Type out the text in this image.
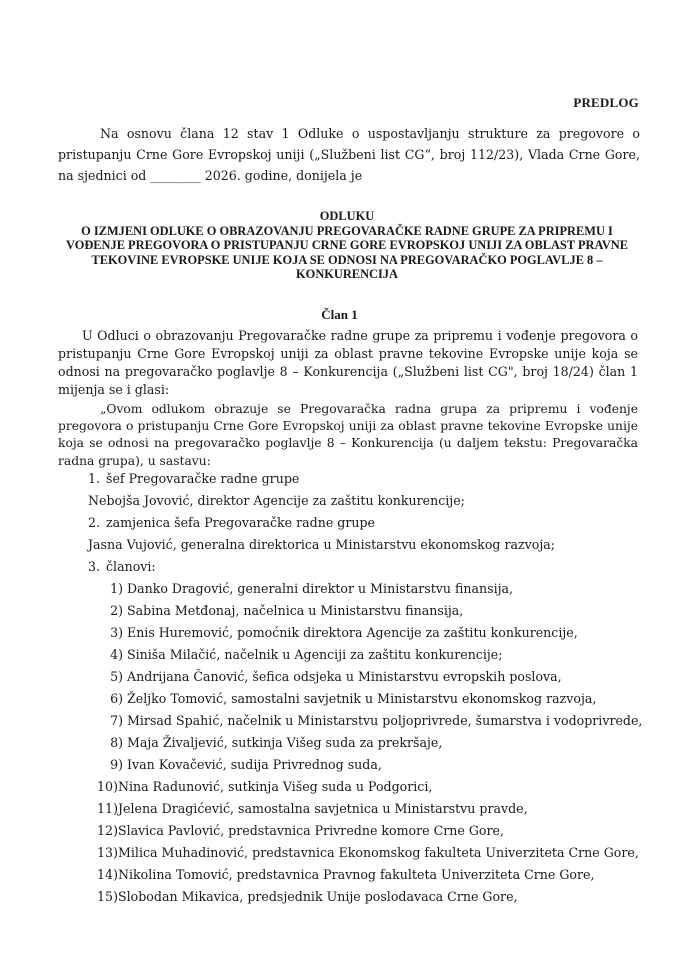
PREDLOG
Na osnovu člana 12 stav 1 Odluke o uspostavljanju strukture za pregovore o pristupanju Crne Gore Evropskoj uniji („Službeni list CG“, broj 112/23), Vlada Crne Gore, na sjednici od ________ 2026. godine, donijela je
ODLUKU
O IZMJENI ODLUKE O OBRAZOVANJU PREGOVARAČKE RADNE GRUPE ZA PRIPREMU I VOĐENJE PREGOVORA O PRISTUPANJU CRNE GORE EVROPSKOJ UNIJI ZA OBLAST PRAVNE TEKOVINE EVROPSKE UNIJE KOJA SE ODNOSI NA PREGOVARAČKO POGLAVLJE 8 – KONKURENCIJA
Član 1
U Odluci o obrazovanju Pregovaračke radne grupe za pripremu i vođenje pregovora o pristupanju Crne Gore Evropskoj uniji za oblast pravne tekovine Evropske unije koja se odnosi na pregovaračko poglavlje 8 – Konkurencija („Službeni list CG", broj 18/24) član 1 mijenja se i glasi:
„Ovom odlukom obrazuje se Pregovaračka radna grupa za pripremu i vođenje pregovora o pristupanju Crne Gore Evropskoj uniji za oblast pravne tekovine Evropske unije koja se odnosi na pregovaračko poglavlje 8 – Konkurencija (u daljem tekstu: Pregovaračka radna grupa), u sastavu:
1. šef Pregovaračke radne grupe
Nebojša Jovović, direktor Agencije za zaštitu konkurencije;
2. zamjenica šefa Pregovaračke radne grupe
Jasna Vujović, generalna direktorica u Ministarstvu ekonomskog razvoja;
3. članovi:
1) Danko Dragović, generalni direktor u Ministarstvu finansija,
2) Sabina Metđonaj, načelnica u Ministarstvu finansija,
3) Enis Huremović, pomoćnik direktora Agencije za zaštitu konkurencije,
4) Siniša Milačić, načelnik u Agenciji za zaštitu konkurencije;
5) Andrijana Čanović, šefica odsjeka u Ministarstvu evropskih poslova,
6) Željko Tomović, samostalni savjetnik u Ministarstvu ekonomskog razvoja,
7) Mirsad Spahić, načelnik u Ministarstvu poljoprivrede, šumarstva i vodoprivrede,
8) Maja Živaljević, sutkinja Višeg suda za prekršaje,
9) Ivan Kovačević, sudija Privrednog suda,
10)Nina Radunović, sutkinja Višeg suda u Podgorici,
11)Jelena Dragićević, samostalna savjetnica u Ministarstvu pravde,
12)Slavica Pavlović, predstavnica Privredne komore Crne Gore,
13)Milica Muhadinović, predstavnica Ekonomskog fakulteta Univerziteta Crne Gore,
14)Nikolina Tomović, predstavnica Pravnog fakulteta Univerziteta Crne Gore,
15)Slobodan Mikavica, predsjednik Unije poslodavaca Crne Gore,
